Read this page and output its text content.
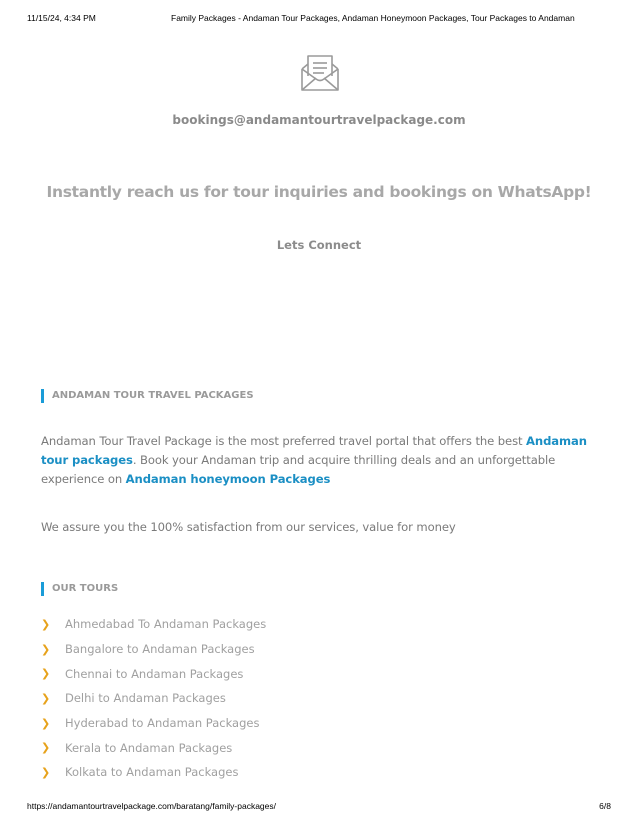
11/15/24, 4:34 PM	Family Packages - Andaman Tour Packages, Andaman Honeymoon Packages, Tour Packages to Andaman
bookings@andamantourtravelpackage.com
Instantly reach us for tour inquiries and bookings on WhatsApp!
Lets Connect
ANDAMAN TOUR TRAVEL PACKAGES
Andaman Tour Travel Package is the most preferred travel portal that offers the best Andaman tour packages. Book your Andaman trip and acquire thrilling deals and an unforgettable experience on Andaman honeymoon Packages
We assure you the 100% satisfaction from our services, value for money
OUR TOURS
❯	Ahmedabad To Andaman Packages
❯	Bangalore to Andaman Packages
❯	Chennai to Andaman Packages
❯	Delhi to Andaman Packages
❯	Hyderabad to Andaman Packages
❯	Kerala to Andaman Packages
❯	Kolkata to Andaman Packages
https://andamantourtravelpackage.com/baratang/family-packages/	6/8
